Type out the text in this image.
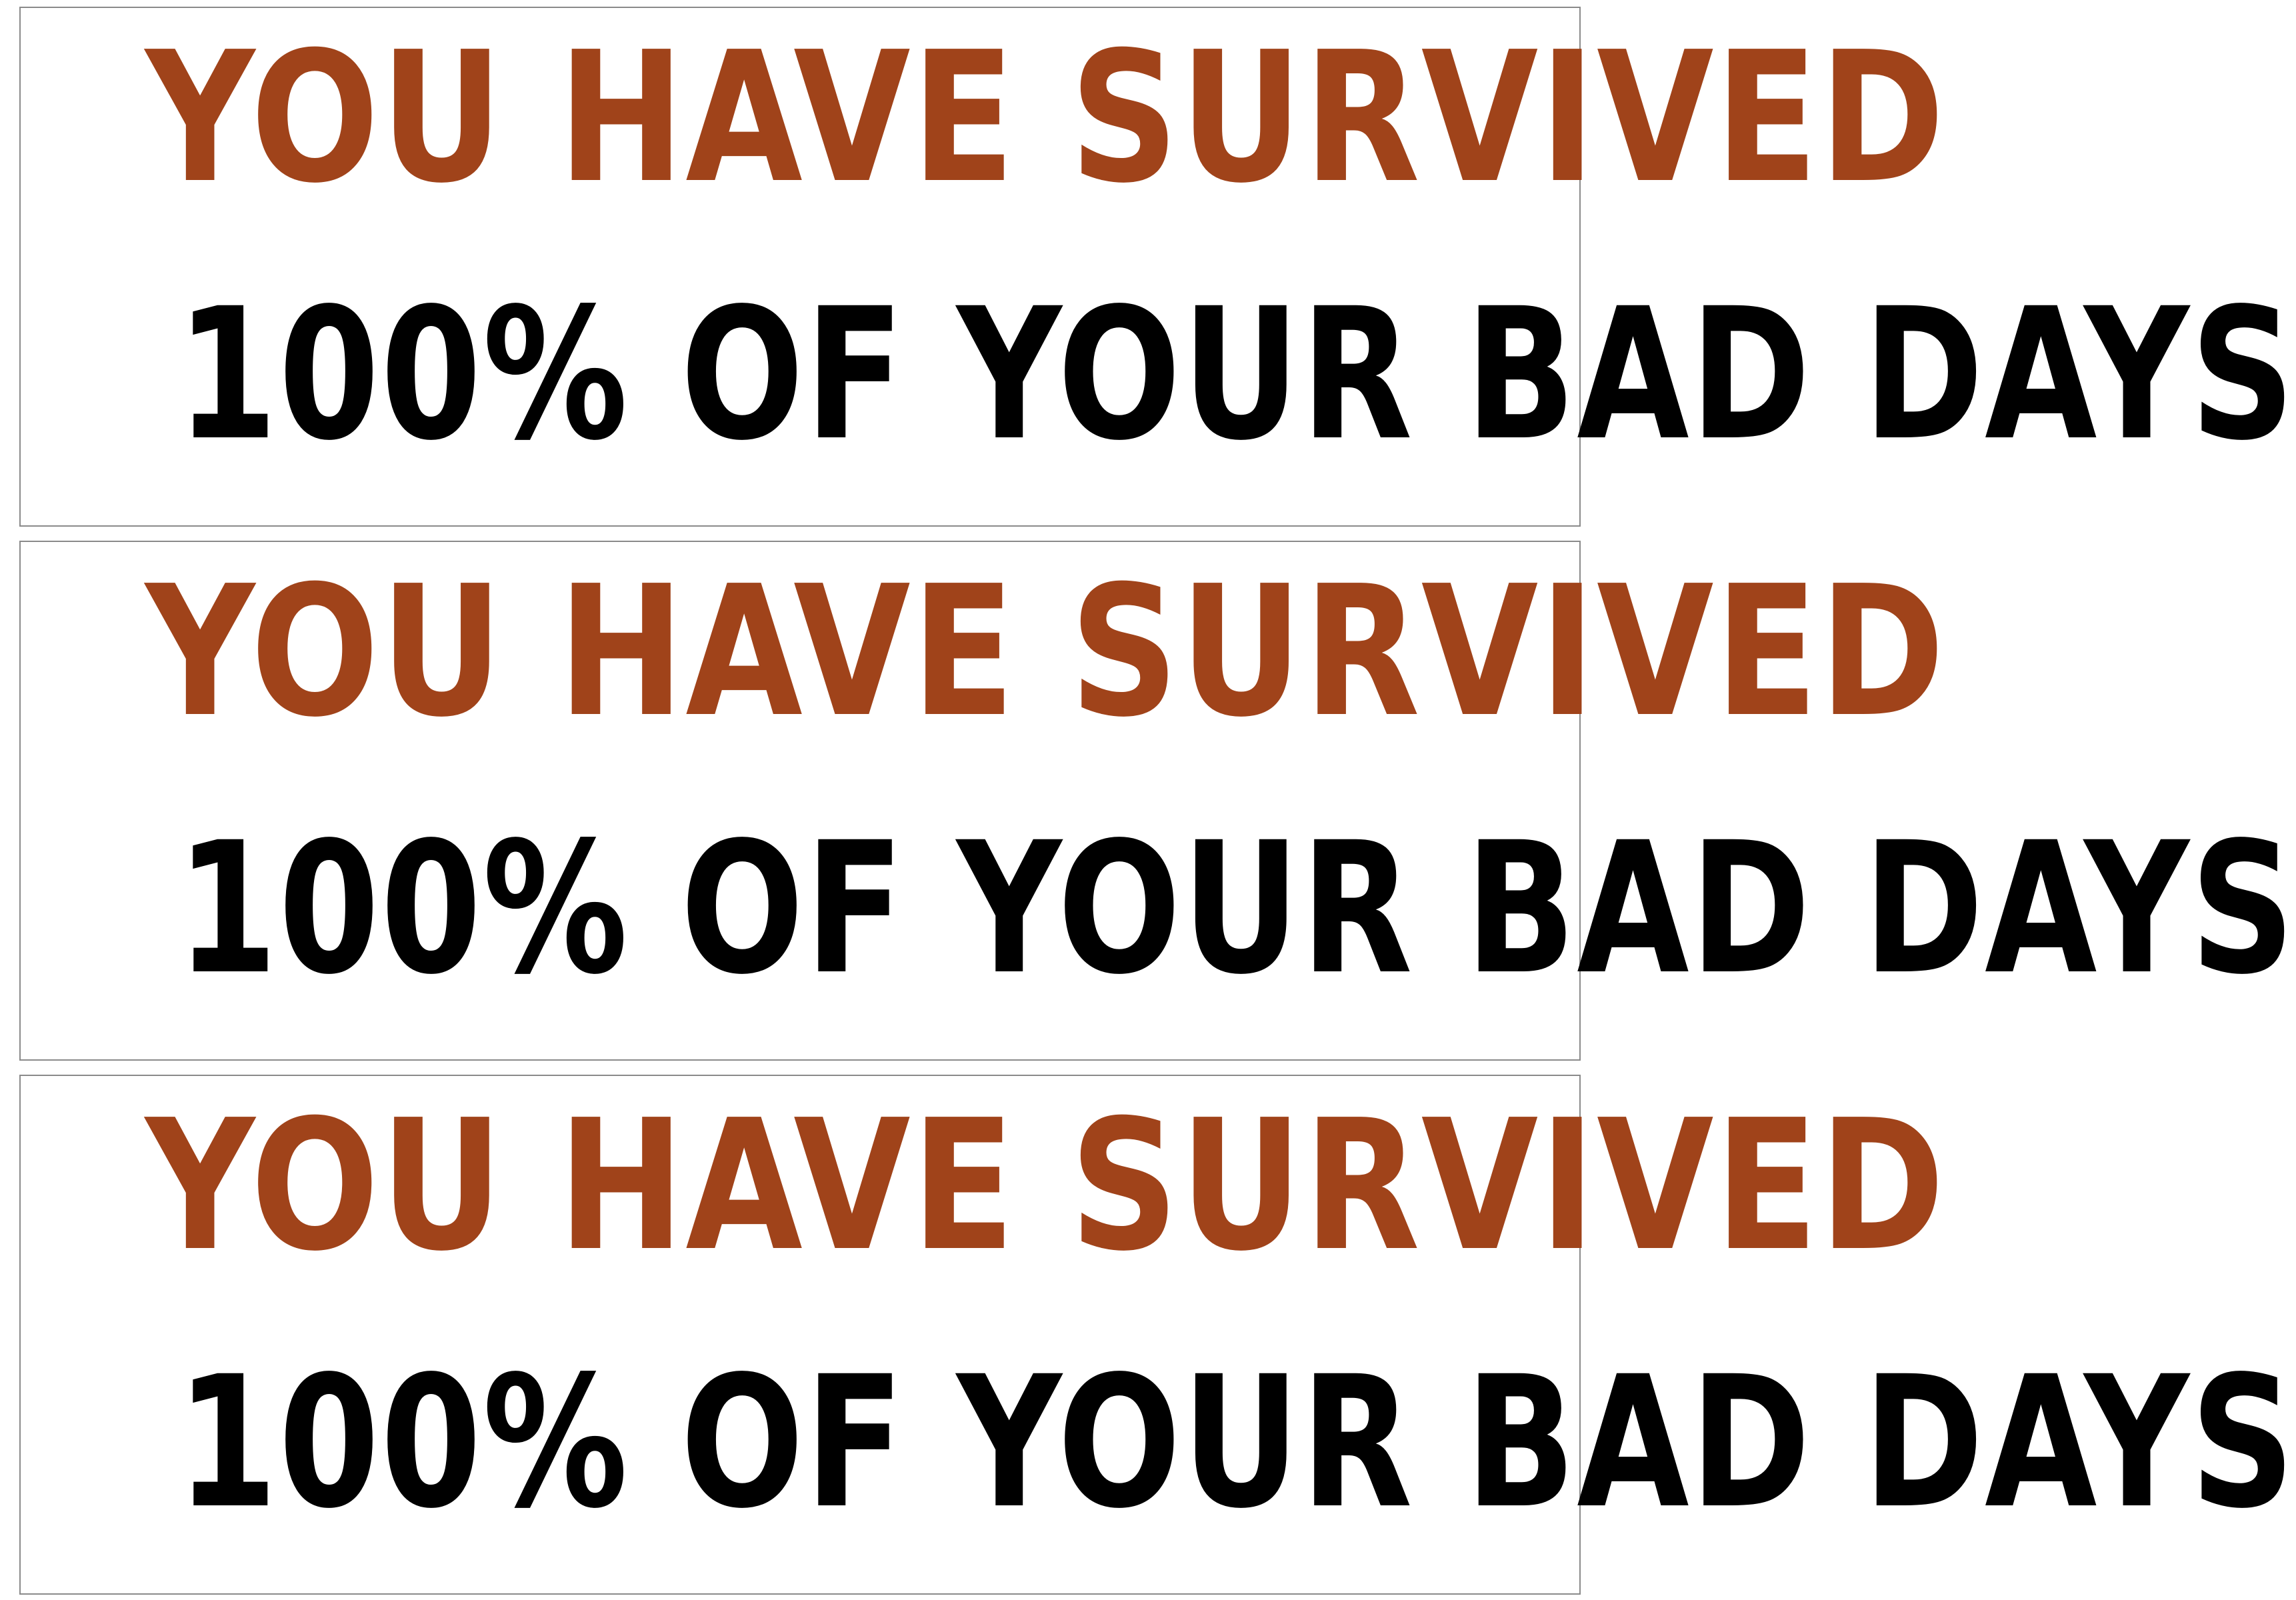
YOU HAVE SURVIVED
100% OF YOUR BAD DAYS
YOU HAVE SURVIVED
100% OF YOUR BAD DAYS
YOU HAVE SURVIVED
100% OF YOUR BAD DAYS
